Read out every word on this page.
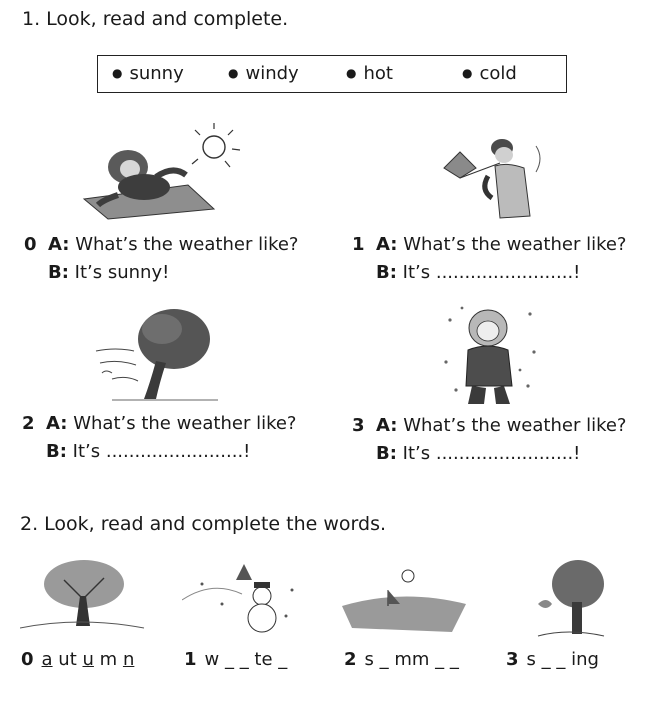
1. Look, read and complete.
● sunny	● windy	● hot	● cold
0 A: What’s the weather like?
B: It’s sunny!
1 A: What’s the weather like?
B: It’s ........................!
2 A: What’s the weather like?
B: It’s ........................!
3 A: What’s the weather like?
B: It’s ........................!
2. Look, read and complete the words.
0 a ut u m n	1 w _ _ te _	2 s _ mm _ _	3 s _ _ ing
